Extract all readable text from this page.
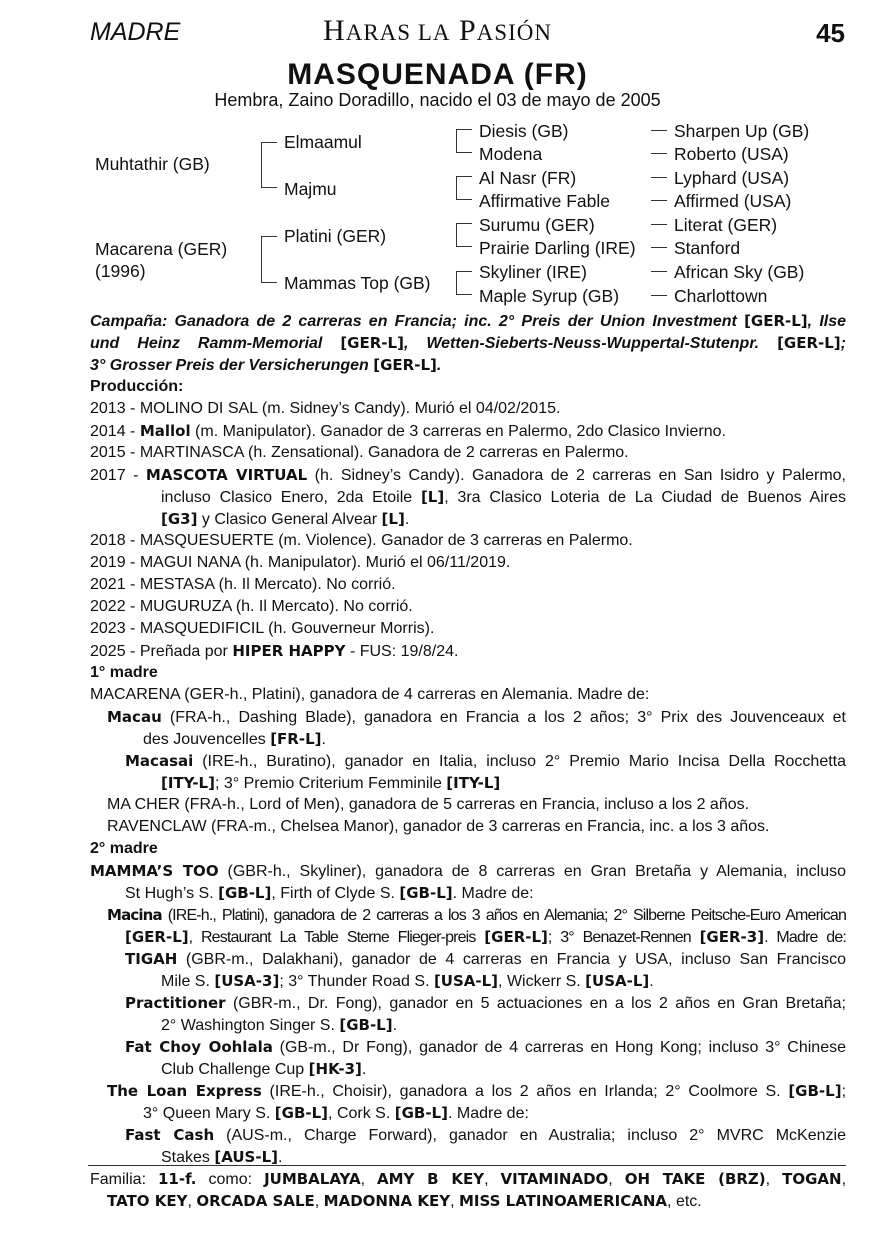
MADRE	HARAS LA PASIÓN	45
MASQUENADA (FR)
Hembra, Zaino Doradillo, nacido el 03 de mayo de 2005
Muhtathir (GB)
Macarena (GER)
(1996)
Elmaamul
Majmu
Platini (GER)
Mammas Top (GB)
Diesis (GB)
Modena
Al Nasr (FR)
Affirmative Fable
Surumu (GER)
Prairie Darling (IRE)
Skyliner (IRE)
Maple Syrup (GB)
Sharpen Up (GB)
Roberto (USA)
Lyphard (USA)
Affirmed (USA)
Literat (GER)
Stanford
African Sky (GB)
Charlottown
Campaña: Ganadora de 2 carreras en Francia; inc. 2° Preis der Union Investment [GER-L], Ilse
und Heinz Ramm-Memorial [GER-L], Wetten-Sieberts-Neuss-Wuppertal-Stutenpr. [GER-L];
3° Grosser Preis der Versicherungen [GER-L].
Producción:
2013 - MOLINO DI SAL (m. Sidney’s Candy). Murió el 04/02/2015.
2014 - Mallol (m. Manipulator). Ganador de 3 carreras en Palermo, 2do Clasico Invierno.
2015 - MARTINASCA (h. Zensational). Ganadora de 2 carreras en Palermo.
2017 - MASCOTA VIRTUAL (h. Sidney’s Candy). Ganadora de 2 carreras en San Isidro y Palermo,
incluso Clasico Enero, 2da Etoile [L], 3ra Clasico Loteria de La Ciudad de Buenos Aires
[G3] y Clasico General Alvear [L].
2018 - MASQUESUERTE (m. Violence). Ganador de 3 carreras en Palermo.
2019 - MAGUI NANA (h. Manipulator). Murió el 06/11/2019.
2021 - MESTASA (h. Il Mercato). No corrió.
2022 - MUGURUZA (h. Il Mercato). No corrió.
2023 - MASQUEDIFICIL (h. Gouverneur Morris).
2025 - Preñada por HIPER HAPPY - FUS: 19/8/24.
1° madre
MACARENA (GER-h., Platini), ganadora de 4 carreras en Alemania. Madre de:
Macau (FRA-h., Dashing Blade), ganadora en Francia a los 2 años; 3° Prix des Jouvenceaux et
des Jouvencelles [FR-L].
Macasai (IRE-h., Buratino), ganador en Italia, incluso 2° Premio Mario Incisa Della Rocchetta
[ITY-L]; 3° Premio Criterium Femminile [ITY-L]
MA CHER (FRA-h., Lord of Men), ganadora de 5 carreras en Francia, incluso a los 2 años.
RAVENCLAW (FRA-m., Chelsea Manor), ganador de 3 carreras en Francia, inc. a los 3 años.
2° madre
MAMMA’S TOO (GBR-h., Skyliner), ganadora de 8 carreras en Gran Bretaña y Alemania, incluso
St Hugh’s S. [GB-L], Firth of Clyde S. [GB-L]. Madre de:
Macina (IRE-h., Platini), ganadora de 2 carreras a los 3 años en Alemania; 2° Silberne Peitsche-Euro American
[GER-L], Restaurant La Table Sterne Flieger-preis [GER-L]; 3° Benazet-Rennen [GER-3]. Madre de:
TIGAH (GBR-m., Dalakhani), ganador de 4 carreras en Francia y USA, incluso San Francisco
Mile S. [USA-3]; 3° Thunder Road S. [USA-L], Wickerr S. [USA-L].
Practitioner (GBR-m., Dr. Fong), ganador en 5 actuaciones en a los 2 años en Gran Bretaña;
2° Washington Singer S. [GB-L].
Fat Choy Oohlala (GB-m., Dr Fong), ganador de 4 carreras en Hong Kong; incluso 3° Chinese
Club Challenge Cup [HK-3].
The Loan Express (IRE-h., Choisir), ganadora a los 2 años en Irlanda; 2° Coolmore S. [GB-L];
3° Queen Mary S. [GB-L], Cork S. [GB-L]. Madre de:
Fast Cash (AUS-m., Charge Forward), ganador en Australia; incluso 2° MVRC McKenzie
Stakes [AUS-L].
Familia: 11-f. como: JUMBALAYA, AMY B KEY, VITAMINADO, OH TAKE (BRZ), TOGAN,
TATO KEY, ORCADA SALE, MADONNA KEY, MISS LATINOAMERICANA, etc.
